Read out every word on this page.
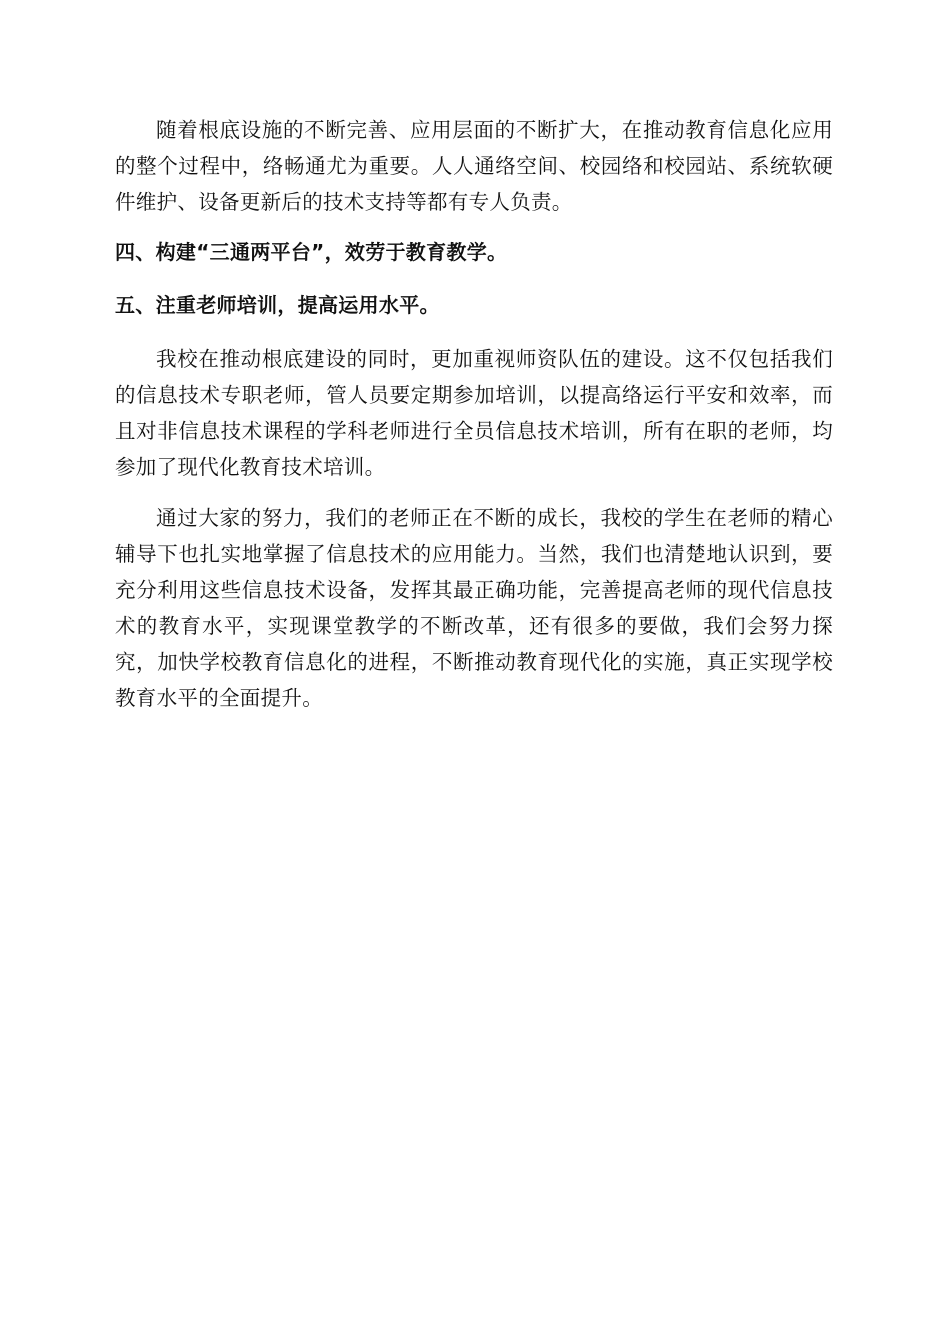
随着根底设施的不断完善、应用层面的不断扩大，在推动教育信息化应用的整个过程中，络畅通尤为重要。人人通络空间、校园络和校园站、系统软硬件维护、设备更新后的技术支持等都有专人负责。

四、构建“三通两平台”，效劳于教育教学。

五、注重老师培训，提高运用水平。

我校在推动根底建设的同时，更加重视师资队伍的建设。这不仅包括我们的信息技术专职老师，管人员要定期参加培训，以提高络运行平安和效率，而且对非信息技术课程的学科老师进行全员信息技术培训，所有在职的老师，均参加了现代化教育技术培训。

通过大家的努力，我们的老师正在不断的成长，我校的学生在老师的精心辅导下也扎实地掌握了信息技术的应用能力。当然，我们也清楚地认识到，要充分利用这些信息技术设备，发挥其最正确功能，完善提高老师的现代信息技术的教育水平，实现课堂教学的不断改革，还有很多的要做，我们会努力探究，加快学校教育信息化的进程，不断推动教育现代化的实施，真正实现学校教育水平的全面提升。
